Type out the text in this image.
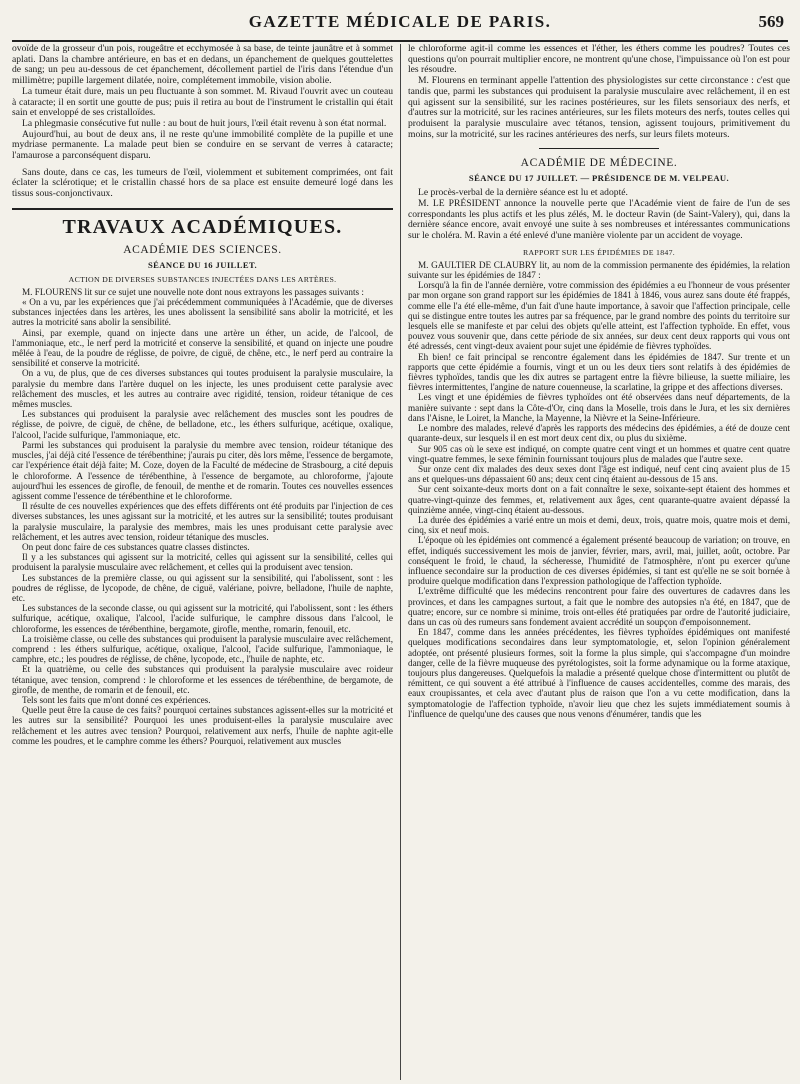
GAZETTE MÉDICALE DE PARIS.	569

ovoïde de la grosseur d'un pois, rougeâtre et ecchymosée à sa base, de teinte jaunâtre et à sommet aplati. Dans la chambre antérieure, en bas et en dedans, un épanchement de quelques gouttelettes de sang; un peu au-dessous de cet épanchement, décollement partiel de l'iris dans l'étendue d'un millimètre; pupille largement dilatée, noire, complétement immobile, vision abolie.

La tumeur était dure, mais un peu fluctuante à son sommet. M. Rivaud l'ouvrit avec un couteau à cataracte; il en sortit une goutte de pus; puis il retira au bout de l'instrument le cristallin qui était sain et enveloppé de ses cristalloïdes.

La phlegmasie consécutive fut nulle : au bout de huit jours, l'œil était revenu à son état normal.

Aujourd'hui, au bout de deux ans, il ne reste qu'une immobilité complète de la pupille et une mydriase permanente. La malade peut bien se conduire en se servant de verres à cataracte; l'amaurose a parconséquent disparu.

Sans doute, dans ce cas, les tumeurs de l'œil, violemment et subitement comprimées, ont fait éclater la sclérotique; et le cristallin chassé hors de sa place est ensuite demeuré logé dans les tissus sous-conjonctivaux.

TRAVAUX ACADÉMIQUES.
ACADÉMIE DES SCIENCES.
SÉANCE DU 16 JUILLET.
ACTION DE DIVERSES SUBSTANCES INJECTÉES DANS LES ARTÈRES.

M. FLOURENS lit sur ce sujet une nouvelle note dont nous extrayons les passages suivants :

« On a vu, par les expériences que j'ai précédemment communiquées à l'Académie, que de diverses substances injectées dans les artères, les unes abolissent la sensibilité sans abolir la motricité, et les autres la motricité sans abolir la sensibilité.

Ainsi, par exemple, quand on injecte dans une artère un éther, un acide, de l'alcool, de l'ammoniaque, etc., le nerf perd la motricité et conserve la sensibilité, et quand on injecte une poudre mêlée à l'eau, de la poudre de réglisse, de poivre, de ciguë, de chêne, etc., le nerf perd au contraire la sensibilité et conserve la motricité.

On a vu, de plus, que de ces diverses substances qui toutes produisent la paralysie musculaire, la paralysie du membre dans l'artère duquel on les injecte, les unes produisent cette paralysie avec relâchement des muscles, et les autres au contraire avec rigidité, tension, roideur tétanique de ces mêmes muscles.

Les substances qui produisent la paralysie avec relâchement des muscles sont les poudres de réglisse, de poivre, de ciguë, de chêne, de belladone, etc., les éthers sulfurique, acétique, oxalique, l'alcool, l'acide sulfurique, l'ammoniaque, etc.

Parmi les substances qui produisent la paralysie du membre avec tension, roideur tétanique des muscles, j'ai déjà cité l'essence de térébenthine; j'aurais pu citer, dès lors même, l'essence de bergamote, car l'expérience était déjà faite; M. Coze, doyen de la Faculté de médecine de Strasbourg, a cité depuis le chloroforme. A l'essence de térébenthine, à l'essence de bergamote, au chloroforme, j'ajoute aujourd'hui les essences de girofle, de fenouil, de menthe et de romarin. Toutes ces nouvelles essences agissent comme l'essence de térébenthine et le chloroforme.

Il résulte de ces nouvelles expériences que des effets différents ont été produits par l'injection de ces diverses substances, les unes agissant sur la motricité, et les autres sur la sensibilité; toutes produisant la paralysie musculaire, la paralysie des membres, mais les unes produisant cette paralysie avec relâchement, et les autres avec tension, roideur tétanique des muscles.

On peut donc faire de ces substances quatre classes distinctes.

Il y a les substances qui agissent sur la motricité, celles qui agissent sur la sensibilité, celles qui produisent la paralysie musculaire avec relâchement, et celles qui la produisent avec tension.

Les substances de la première classe, ou qui agissent sur la sensibilité, qui l'abolissent, sont : les poudres de réglisse, de lycopode, de chêne, de ciguë, valériane, poivre, belladone, l'huile de naphte, etc.

Les substances de la seconde classe, ou qui agissent sur la motricité, qui l'abolissent, sont : les éthers sulfurique, acétique, oxalique, l'alcool, l'acide sulfurique, le camphre dissous dans l'alcool, le chloroforme, les essences de térébenthine, bergamote, girofle, menthe, romarin, fenouil, etc.

La troisième classe, ou celle des substances qui produisent la paralysie musculaire avec relâchement, comprend : les éthers sulfurique, acétique, oxalique, l'alcool, l'acide sulfurique, l'ammoniaque, le camphre, etc.; les poudres de réglisse, de chêne, lycopode, etc., l'huile de naphte, etc.

Et la quatrième, ou celle des substances qui produisent la paralysie musculaire avec roideur tétanique, avec tension, comprend : le chloroforme et les essences de térébenthine, de bergamote, de girofle, de menthe, de romarin et de fenouil, etc.

Tels sont les faits que m'ont donné ces expériences.

Quelle peut être la cause de ces faits? pourquoi certaines substances agissent-elles sur la motricité et les autres sur la sensibilité? Pourquoi les unes produisent-elles la paralysie musculaire avec relâchement et les autres avec tension? Pourquoi, relativement aux nerfs, l'huile de naphte agit-elle comme les poudres, et le camphre comme les éthers? Pourquoi, relativement aux muscles

le chloroforme agit-il comme les essences et l'éther, les éthers comme les poudres? Toutes ces questions qu'on pourrait multiplier encore, ne montrent qu'une chose, l'impuissance où l'on est pour les résoudre.

M. Flourens en terminant appelle l'attention des physiologistes sur cette circonstance : c'est que tandis que, parmi les substances qui produisent la paralysie musculaire avec relâchement, il en est qui agissent sur la sensibilité, sur les racines postérieures, sur les filets sensoriaux des nerfs, et d'autres sur la motricité, sur les racines antérieures, sur les filets moteurs des nerfs, toutes celles qui produisent la paralysie musculaire avec tétanos, tension, agissent toujours, primitivement du moins, sur la motricité, sur les racines antérieures des nerfs, sur leurs filets moteurs.

ACADÉMIE DE MÉDECINE.
SÉANCE DU 17 JUILLET. — PRÉSIDENCE DE M. VELPEAU.

Le procès-verbal de la dernière séance est lu et adopté.

M. LE PRÉSIDENT annonce la nouvelle perte que l'Académie vient de faire de l'un de ses correspondants les plus actifs et les plus zélés, M. le docteur Ravin (de Saint-Valery), qui, dans la dernière séance encore, avait envoyé une suite à ses nombreuses et intéressantes communications sur le choléra. M. Ravin a été enlevé d'une manière violente par un accident de voyage.

RAPPORT SUR LES ÉPIDÉMIES DE 1847.

M. GAULTIER DE CLAUBRY lit, au nom de la commission permanente des épidémies, la relation suivante sur les épidémies de 1847 :

Lorsqu'à la fin de l'année dernière, votre commission des épidémies a eu l'honneur de vous présenter par mon organe son grand rapport sur les épidémies de 1841 à 1846, vous aurez sans doute été frappés, comme elle l'a été elle-même, d'un fait d'une haute importance, à savoir que l'affection principale, celle qui se distingue entre toutes les autres par sa fréquence, par le grand nombre des points du territoire sur lesquels elle se manifeste et par celui des objets qu'elle atteint, est l'affection typhoïde. En effet, vous pouvez vous souvenir que, dans cette période de six années, sur deux cent deux rapports qui vous ont été adressés, cent vingt-deux avaient pour sujet une épidémie de fièvres typhoïdes.

Eh bien! ce fait principal se rencontre également dans les épidémies de 1847. Sur trente et un rapports que cette épidémie a fournis, vingt et un ou les deux tiers sont relatifs à des épidémies de fièvres typhoïdes, tandis que les dix autres se partagent entre la fièvre bilieuse, la suette miliaire, les fièvres intermittentes, l'angine de nature couenneuse, la scarlatine, la grippe et des affections diverses.

Les vingt et une épidémies de fièvres typhoïdes ont été observées dans neuf départements, de la manière suivante : sept dans la Côte-d'Or, cinq dans la Moselle, trois dans le Jura, et les six dernières dans l'Aisne, le Loiret, la Manche, la Mayenne, la Nièvre et la Seine-Inférieure.

Le nombre des malades, relevé d'après les rapports des médecins des épidémies, a été de douze cent quarante-deux, sur lesquels il en est mort deux cent dix, ou plus du sixième.

Sur 905 cas où le sexe est indiqué, on compte quatre cent vingt et un hommes et quatre cent quatre vingt-quatre femmes, le sexe féminin fournissant toujours plus de malades que l'autre sexe.

Sur onze cent dix malades des deux sexes dont l'âge est indiqué, neuf cent cinq avaient plus de 15 ans et quelques-uns dépassaient 60 ans; deux cent cinq étaient au-dessous de 15 ans.

Sur cent soixante-deux morts dont on a fait connaître le sexe, soixante-sept étaient des hommes et quatre-vingt-quinze des femmes, et, relativement aux âges, cent quarante-quatre avaient dépassé la quinzième année, vingt-cinq étaient au-dessous.

La durée des épidémies a varié entre un mois et demi, deux, trois, quatre mois, quatre mois et demi, cinq, six et neuf mois.

L'époque où les épidémies ont commencé a également présenté beaucoup de variation; on trouve, en effet, indiqués successivement les mois de janvier, février, mars, avril, mai, juillet, août, octobre. Par conséquent le froid, le chaud, la sécheresse, l'humidité de l'atmosphère, n'ont pu exercer qu'une influence secondaire sur la production de ces diverses épidémies, si tant est qu'elle ne se soit bornée à produire quelque modification dans l'expression pathologique de l'affection typhoïde.

L'extrême difficulté que les médecins rencontrent pour faire des ouvertures de cadavres dans les provinces, et dans les campagnes surtout, a fait que le nombre des autopsies n'a été, en 1847, que de quatre; encore, sur ce nombre si minime, trois ont-elles été pratiquées par ordre de l'autorité judiciaire, dans un cas où des rumeurs sans fondement avaient accrédité un soupçon d'empoisonnement.

En 1847, comme dans les années précédentes, les fièvres typhoïdes épidémiques ont manifesté quelques modifications secondaires dans leur symptomatologie, et, selon l'opinion généralement adoptée, ont présenté plusieurs formes, soit la forme la plus simple, qui s'accompagne d'un moindre danger, celle de la fièvre muqueuse des pyrétologistes, soit la forme adynamique ou la forme ataxique, toujours plus dangereuses. Quelquefois la maladie a présenté quelque chose d'intermittent ou plutôt de rémittent, ce qui souvent a été attribué à l'influence de causes accidentelles, comme des marais, des eaux croupissantes, et cela avec d'autant plus de raison que l'on a vu cette modification, dans la symptomatologie de l'affection typhoïde, n'avoir lieu que chez les sujets immédiatement soumis à l'influence de quelqu'une des causes que nous venons d'énumérer, tandis que les
